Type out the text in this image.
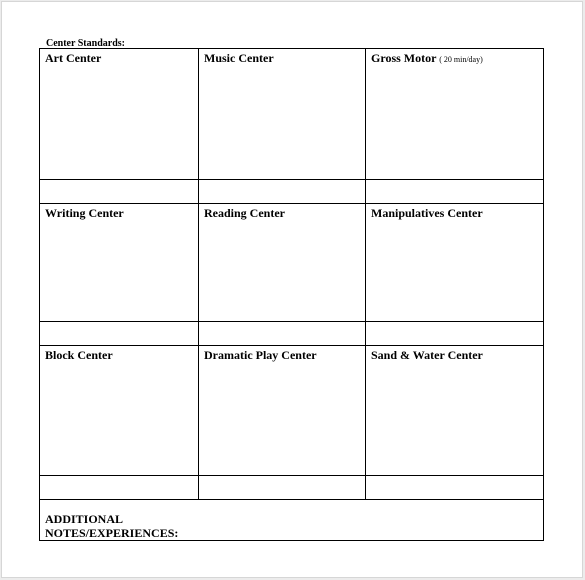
Center Standards:
Art Center	Music Center	Gross Motor ( 20 min/day)

Writing Center	Reading Center	Manipulatives Center

Block Center	Dramatic Play Center	Sand & Water Center

ADDITIONAL
NOTES/EXPERIENCES:		
